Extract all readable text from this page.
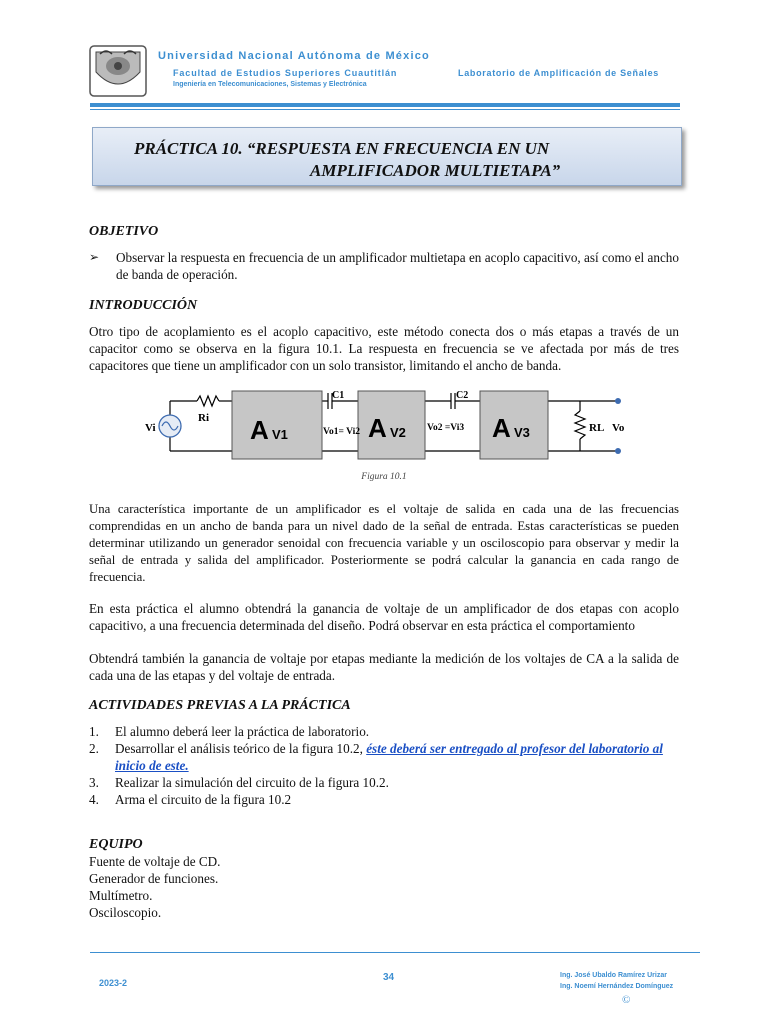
Universidad Nacional Autónoma de México
Facultad de Estudios Superiores Cuautitlán
Ingeniería en Telecomunicaciones, Sistemas y Electrónica
Laboratorio de Amplificación de Señales
PRÁCTICA 10. “RESPUESTA EN FRECUENCIA EN UN
AMPLIFICADOR MULTIETAPA”
OBJETIVO
➢ Observar la respuesta en frecuencia de un amplificador multietapa en acoplo capacitivo, así como el ancho de banda de operación.
INTRODUCCIÓN
Otro tipo de acoplamiento es el acoplo capacitivo, este método conecta dos o más etapas a través de un capacitor como se observa en la figura 10.1. La respuesta en frecuencia se ve afectada por más de tres capacitores que tiene un amplificador con un solo transistor, limitando el ancho de banda.
Vi
Ri
C1	C2
Vo1= Vi2	Vo2 =Vi3	RL Vo
A V1	A V2	A V3
Figura 10.1
Una característica importante de un amplificador es el voltaje de salida en cada una de las frecuencias comprendidas en un ancho de banda para un nivel dado de la señal de entrada. Estas características se pueden determinar utilizando un generador senoidal con frecuencia variable y un osciloscopio para observar y medir la señal de entrada y salida del amplificador. Posteriormente se podrá calcular la ganancia en cada rango de frecuencia.
En esta práctica el alumno obtendrá la ganancia de voltaje de un amplificador de dos etapas con acoplo capacitivo, a una frecuencia determinada del diseño. Podrá observar en esta práctica el comportamiento
Obtendrá también la ganancia de voltaje por etapas mediante la medición de los voltajes de CA a la salida de cada una de las etapas y del voltaje de entrada.
ACTIVIDADES PREVIAS A LA PRÁCTICA
1.	El alumno deberá leer la práctica de laboratorio.
2.	Desarrollar el análisis teórico de la figura 10.2, éste deberá ser entregado al profesor del laboratorio al inicio de este.
3.	Realizar la simulación del circuito de la figura 10.2.
4.	Arma el circuito de la figura 10.2
EQUIPO
Fuente de voltaje de CD.
Generador de funciones.
Multímetro.
Osciloscopio.
2023-2	34	Ing. José Ubaldo Ramírez Urizar
Ing. Noemí Hernández Domínguez
©
